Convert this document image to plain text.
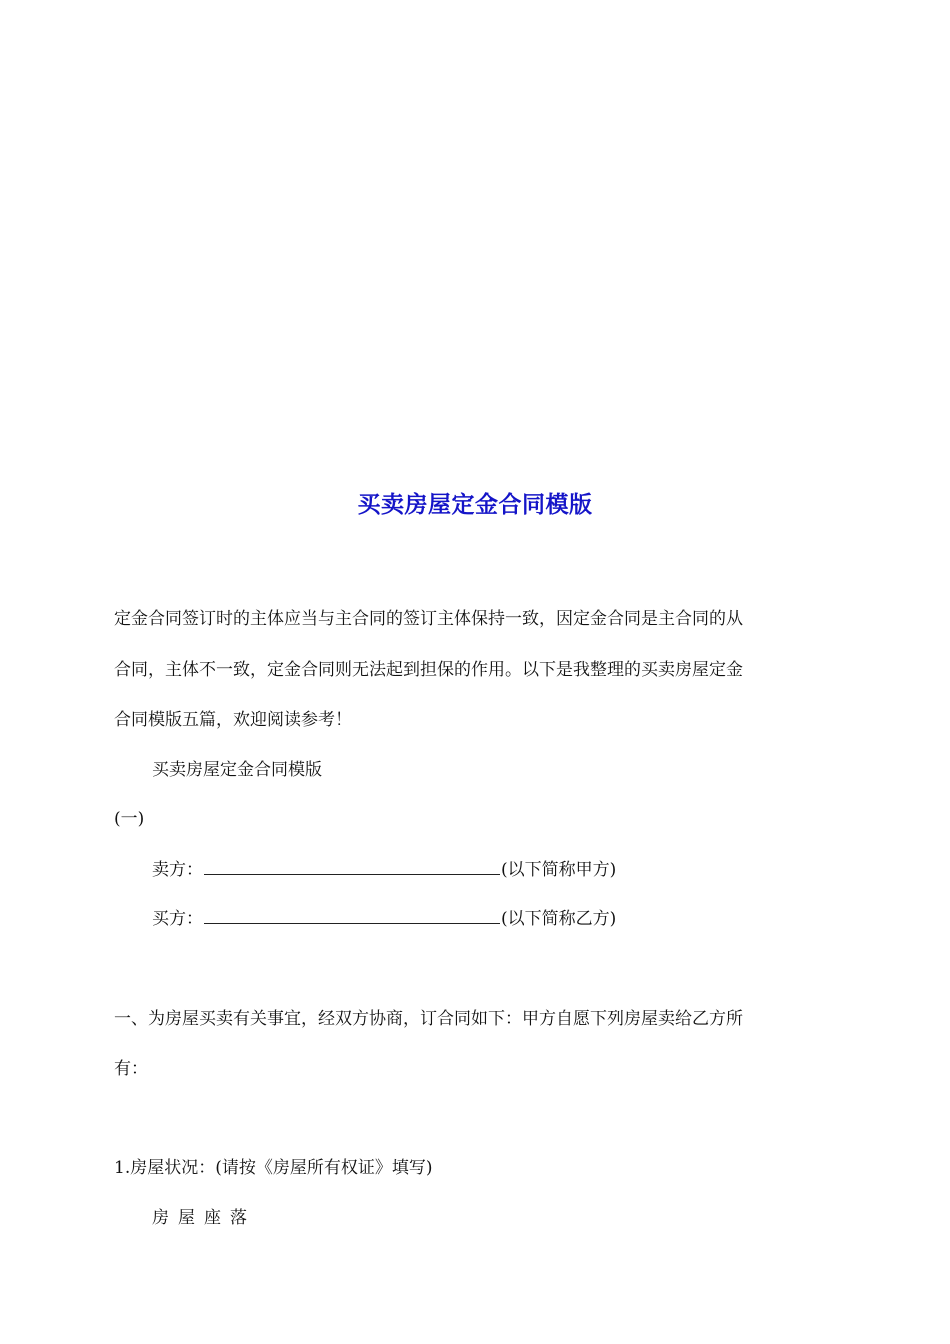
买卖房屋定金合同模版
定金合同签订时的主体应当与主合同的签订主体保持一致，因定金合同是主合同的从
合同，主体不一致，定金合同则无法起到担保的作用。以下是我整理的买卖房屋定金
合同模版五篇，欢迎阅读参考！
买卖房屋定金合同模版
(一)
卖方：	(以下简称甲方)
买方：	(以下简称乙方)
一、为房屋买卖有关事宜，经双方协商，订合同如下：甲方自愿下列房屋卖给乙方所
有：
1.房屋状况：(请按《房屋所有权证》填写)
房屋座落
